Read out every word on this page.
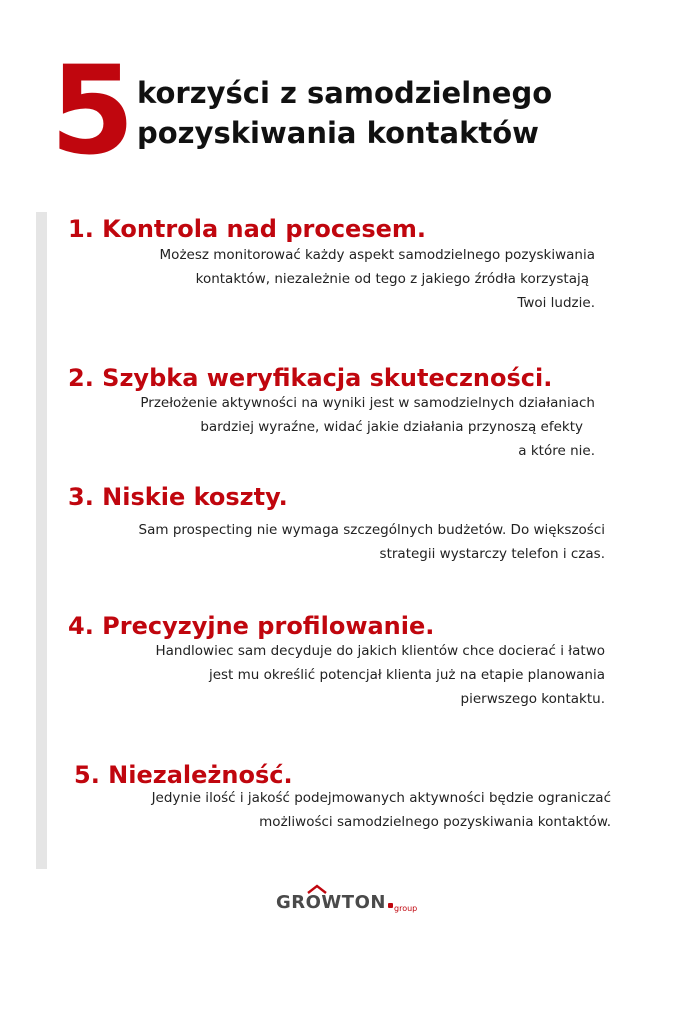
5 korzyści z samodzielnego
pozyskiwania kontaktów
1. Kontrola nad procesem.
Możesz monitorować każdy aspekt samodzielnego pozyskiwania
kontaktów, niezależnie od tego z jakiego źródła korzystają
Twoi ludzie.
2. Szybka weryfikacja skuteczności.
Przełożenie aktywności na wyniki jest w samodzielnych działaniach
bardziej wyraźne, widać jakie działania przynoszą efekty
a które nie.
3. Niskie koszty.
Sam prospecting nie wymaga szczególnych budżetów. Do większości
strategii wystarczy telefon i czas.
4. Precyzyjne profilowanie.
Handlowiec sam decyduje do jakich klientów chce docierać i łatwo
jest mu określić potencjał klienta już na etapie planowania
pierwszego kontaktu.
5. Niezależność.
Jedynie ilość i jakość podejmowanych aktywności będzie ograniczać
możliwości samodzielnego pozyskiwania kontaktów.
GROWTON group
